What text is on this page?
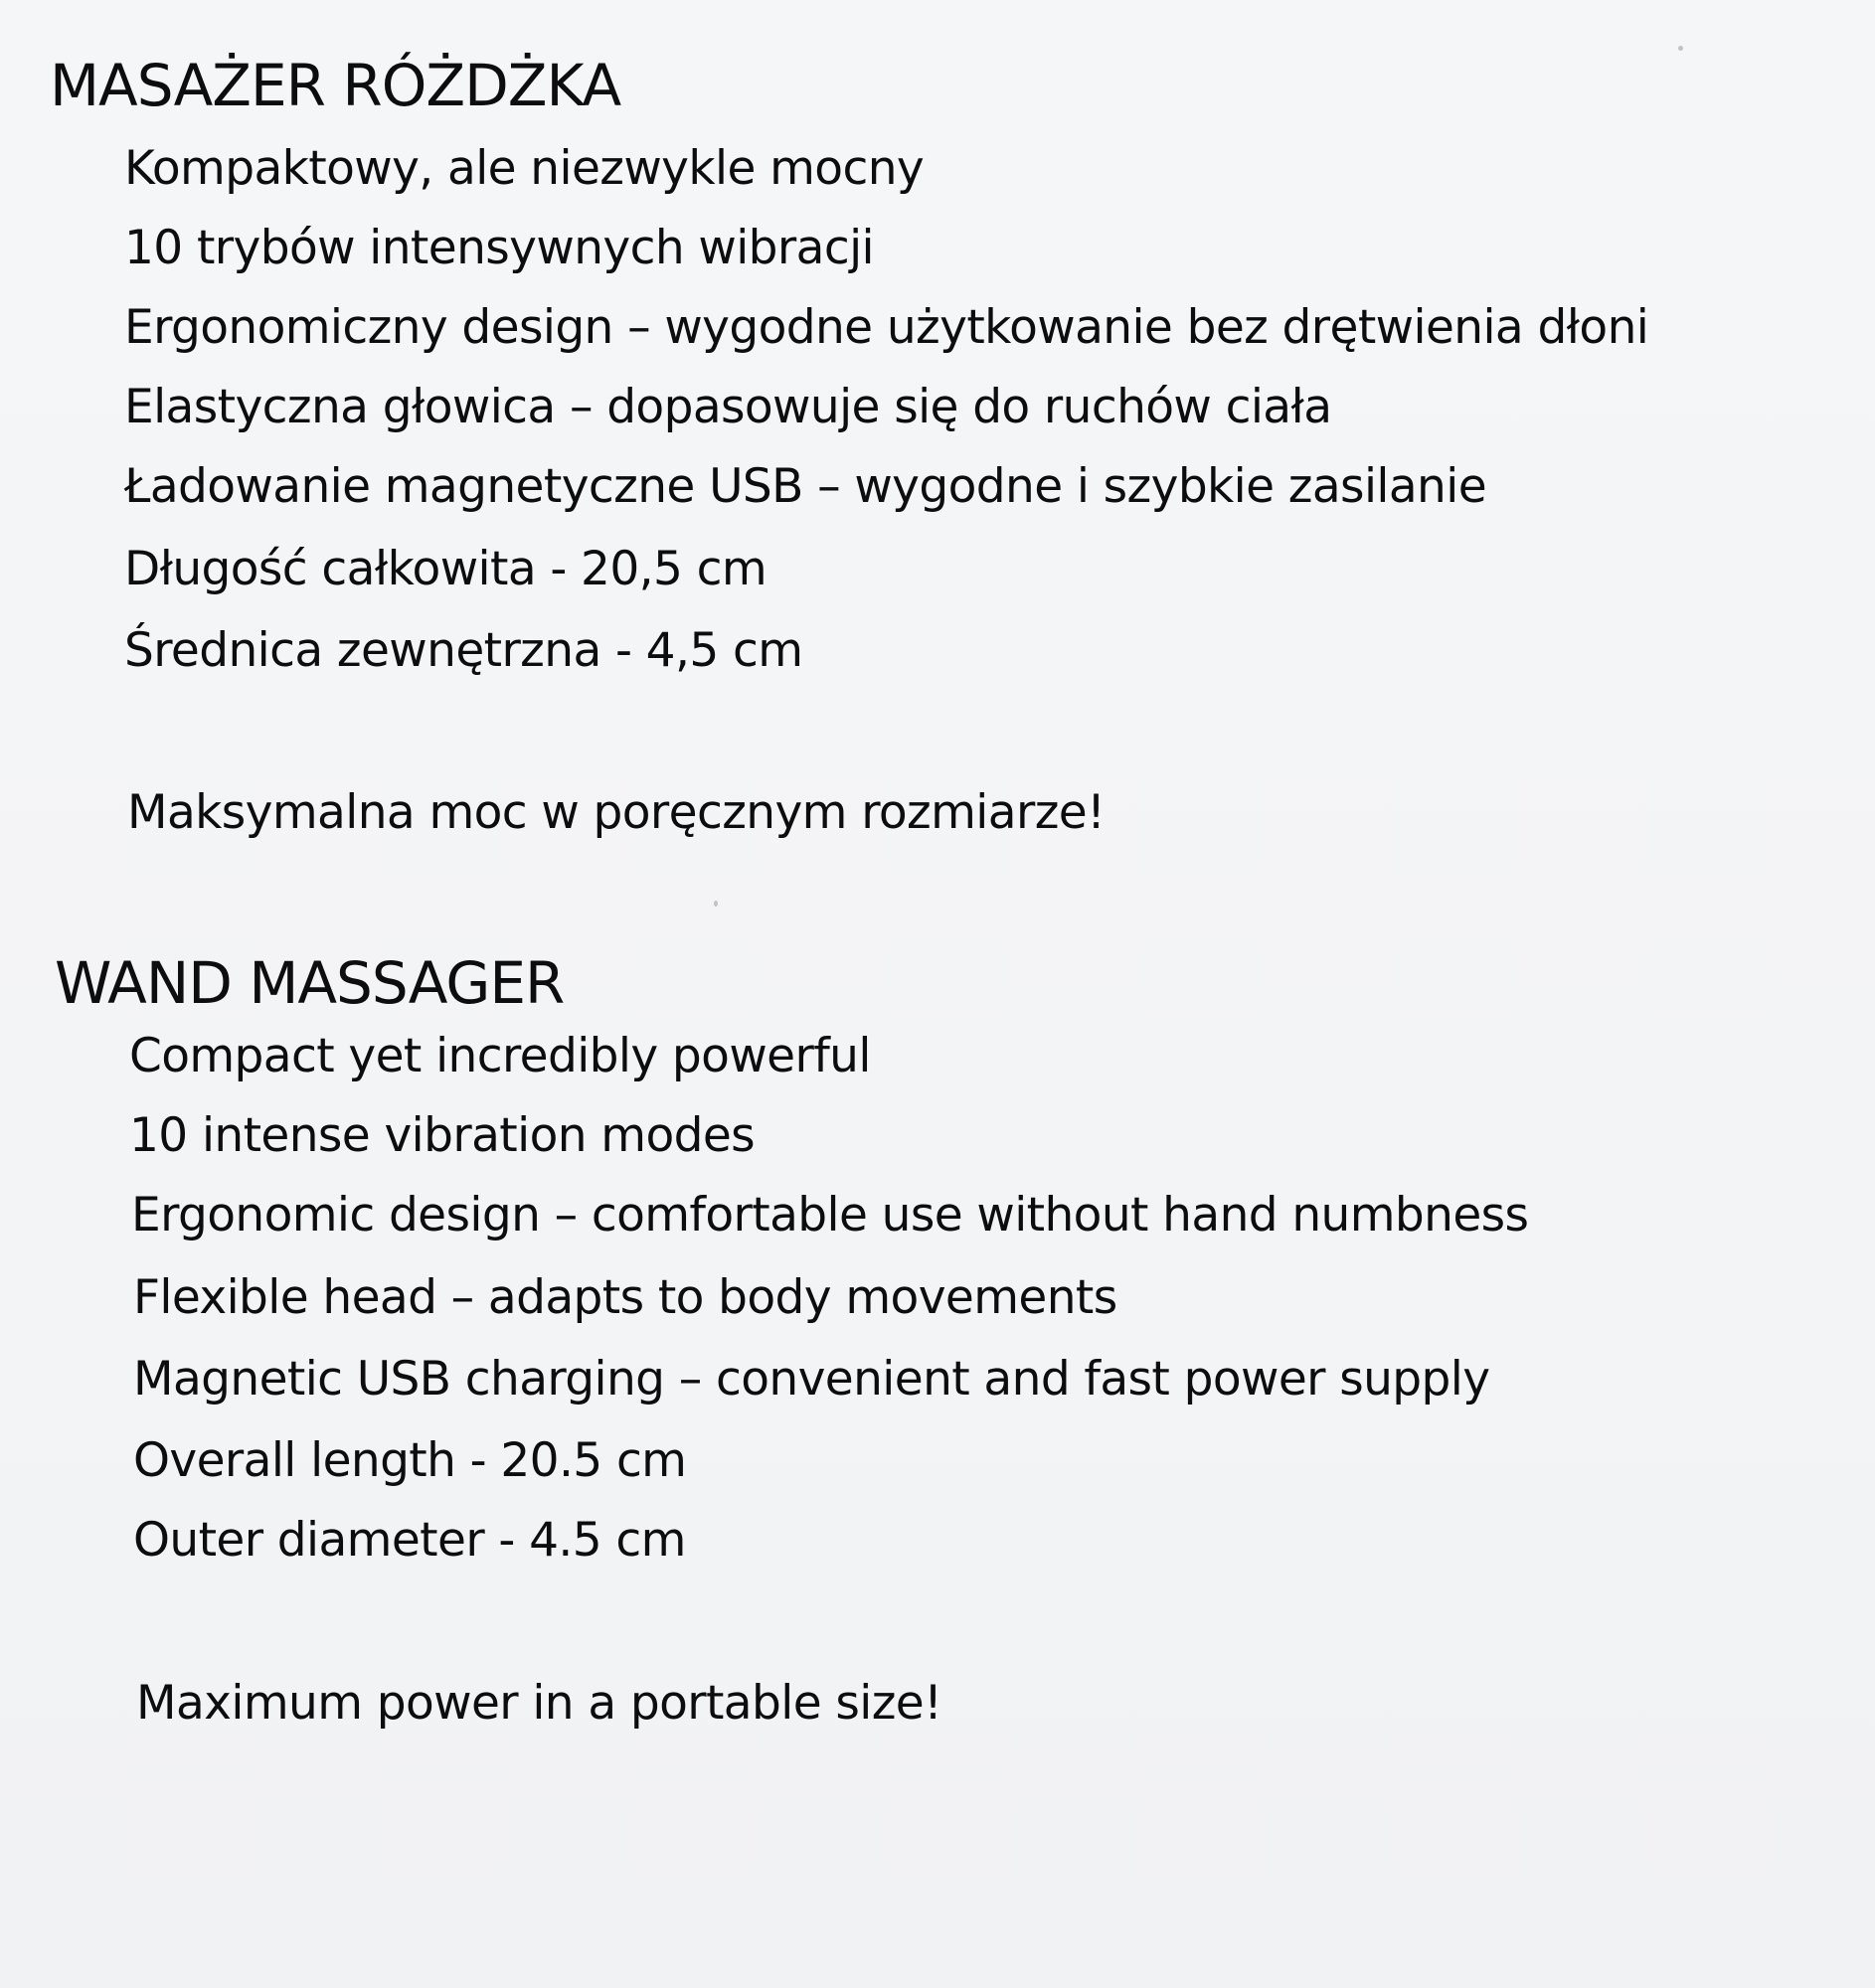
MASAŻER RÓŻDŻKA
Kompaktowy, ale niezwykle mocny
10 trybów intensywnych wibracji
Ergonomiczny design – wygodne użytkowanie bez drętwienia dłoni
Elastyczna głowica – dopasowuje się do ruchów ciała
Ładowanie magnetyczne USB – wygodne i szybkie zasilanie
Długość całkowita - 20,5 cm
Średnica zewnętrzna - 4,5 cm
Maksymalna moc w poręcznym rozmiarze!
WAND MASSAGER
Compact yet incredibly powerful
10 intense vibration modes
Ergonomic design – comfortable use without hand numbness
Flexible head – adapts to body movements
Magnetic USB charging – convenient and fast power supply
Overall length - 20.5 cm
Outer diameter - 4.5 cm
Maximum power in a portable size!
